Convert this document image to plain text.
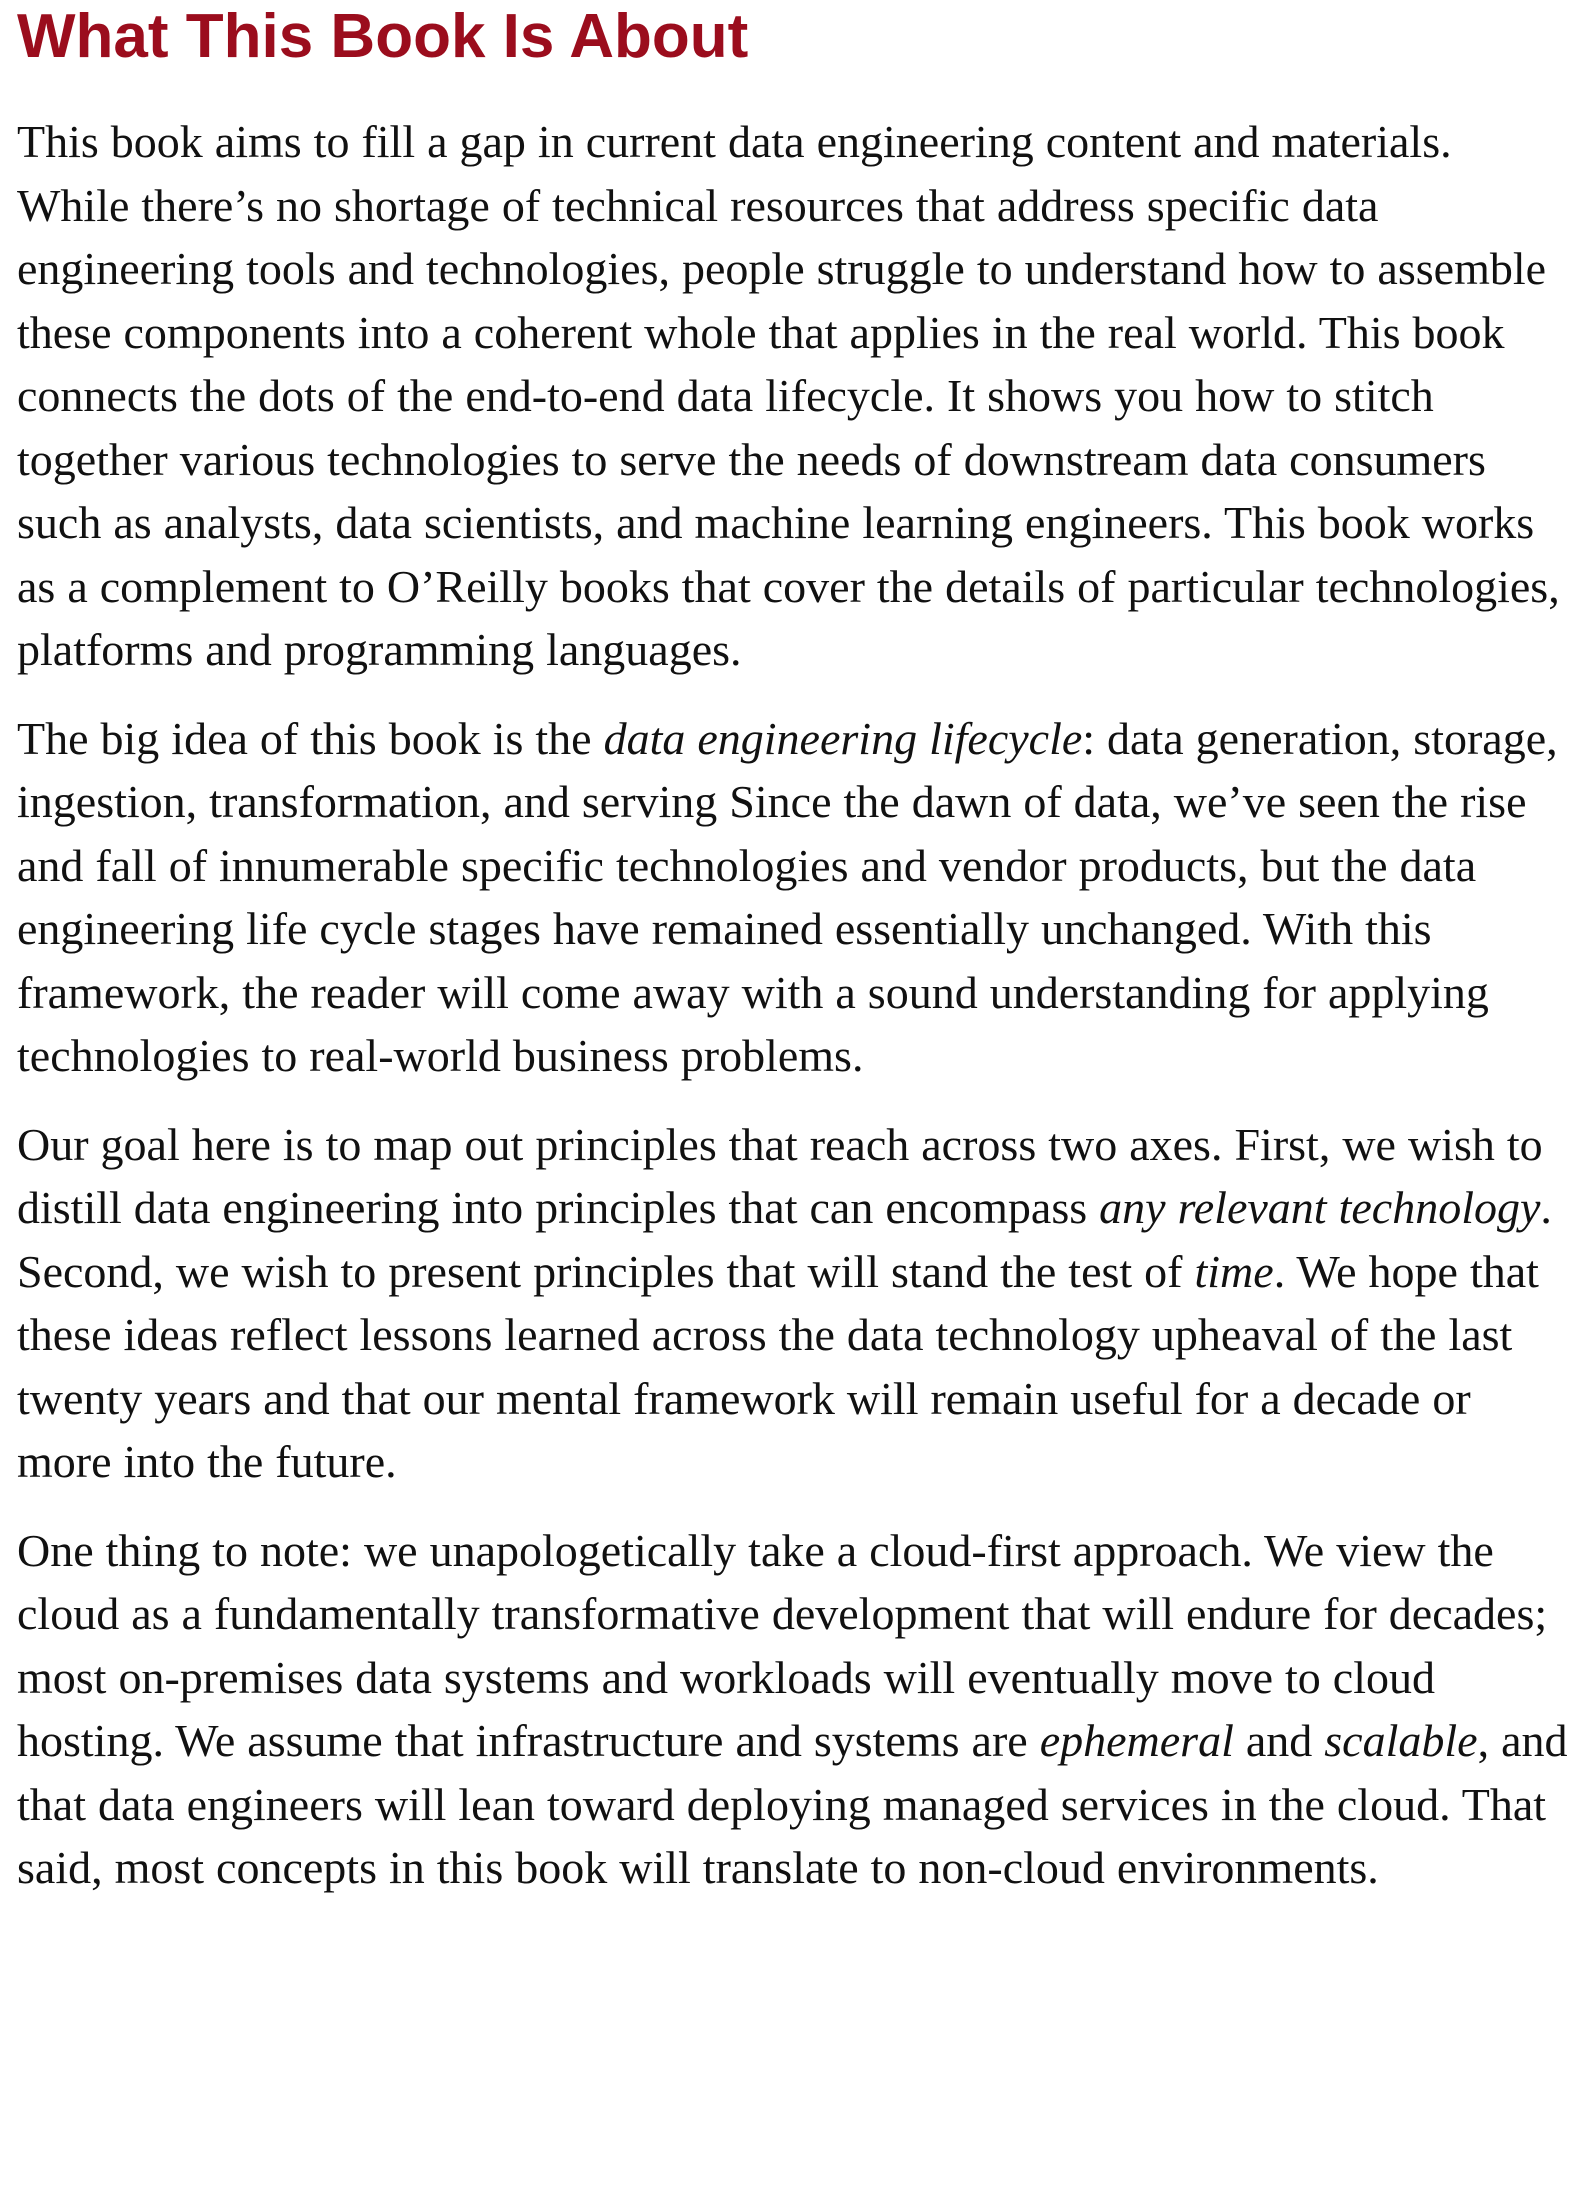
What This Book Is About

This book aims to fill a gap in current data engineering content and materials. While there’s no shortage of technical resources that address specific data engineering tools and technologies, people struggle to understand how to assemble these components into a coherent whole that applies in the real world. This book connects the dots of the end-to-end data lifecycle. It shows you how to stitch together various technologies to serve the needs of downstream data consumers such as analysts, data scientists, and machine learning engineers. This book works as a complement to O’Reilly books that cover the details of particular technologies, platforms and programming languages.

The big idea of this book is the data engineering lifecycle: data generation, storage, ingestion, transformation, and serving Since the dawn of data, we’ve seen the rise and fall of innumerable specific technologies and vendor products, but the data engineering life cycle stages have remained essentially unchanged. With this framework, the reader will come away with a sound understanding for applying technologies to real-world business problems.

Our goal here is to map out principles that reach across two axes. First, we wish to distill data engineering into principles that can encompass any relevant technology. Second, we wish to present principles that will stand the test of time. We hope that these ideas reflect lessons learned across the data technology upheaval of the last twenty years and that our mental framework will remain useful for a decade or more into the future.

One thing to note: we unapologetically take a cloud-first approach. We view the cloud as a fundamentally transformative development that will endure for decades; most on-premises data systems and workloads will eventually move to cloud hosting. We assume that infrastructure and systems are ephemeral and scalable, and that data engineers will lean toward deploying managed services in the cloud. That said, most concepts in this book will translate to non-cloud environments.
